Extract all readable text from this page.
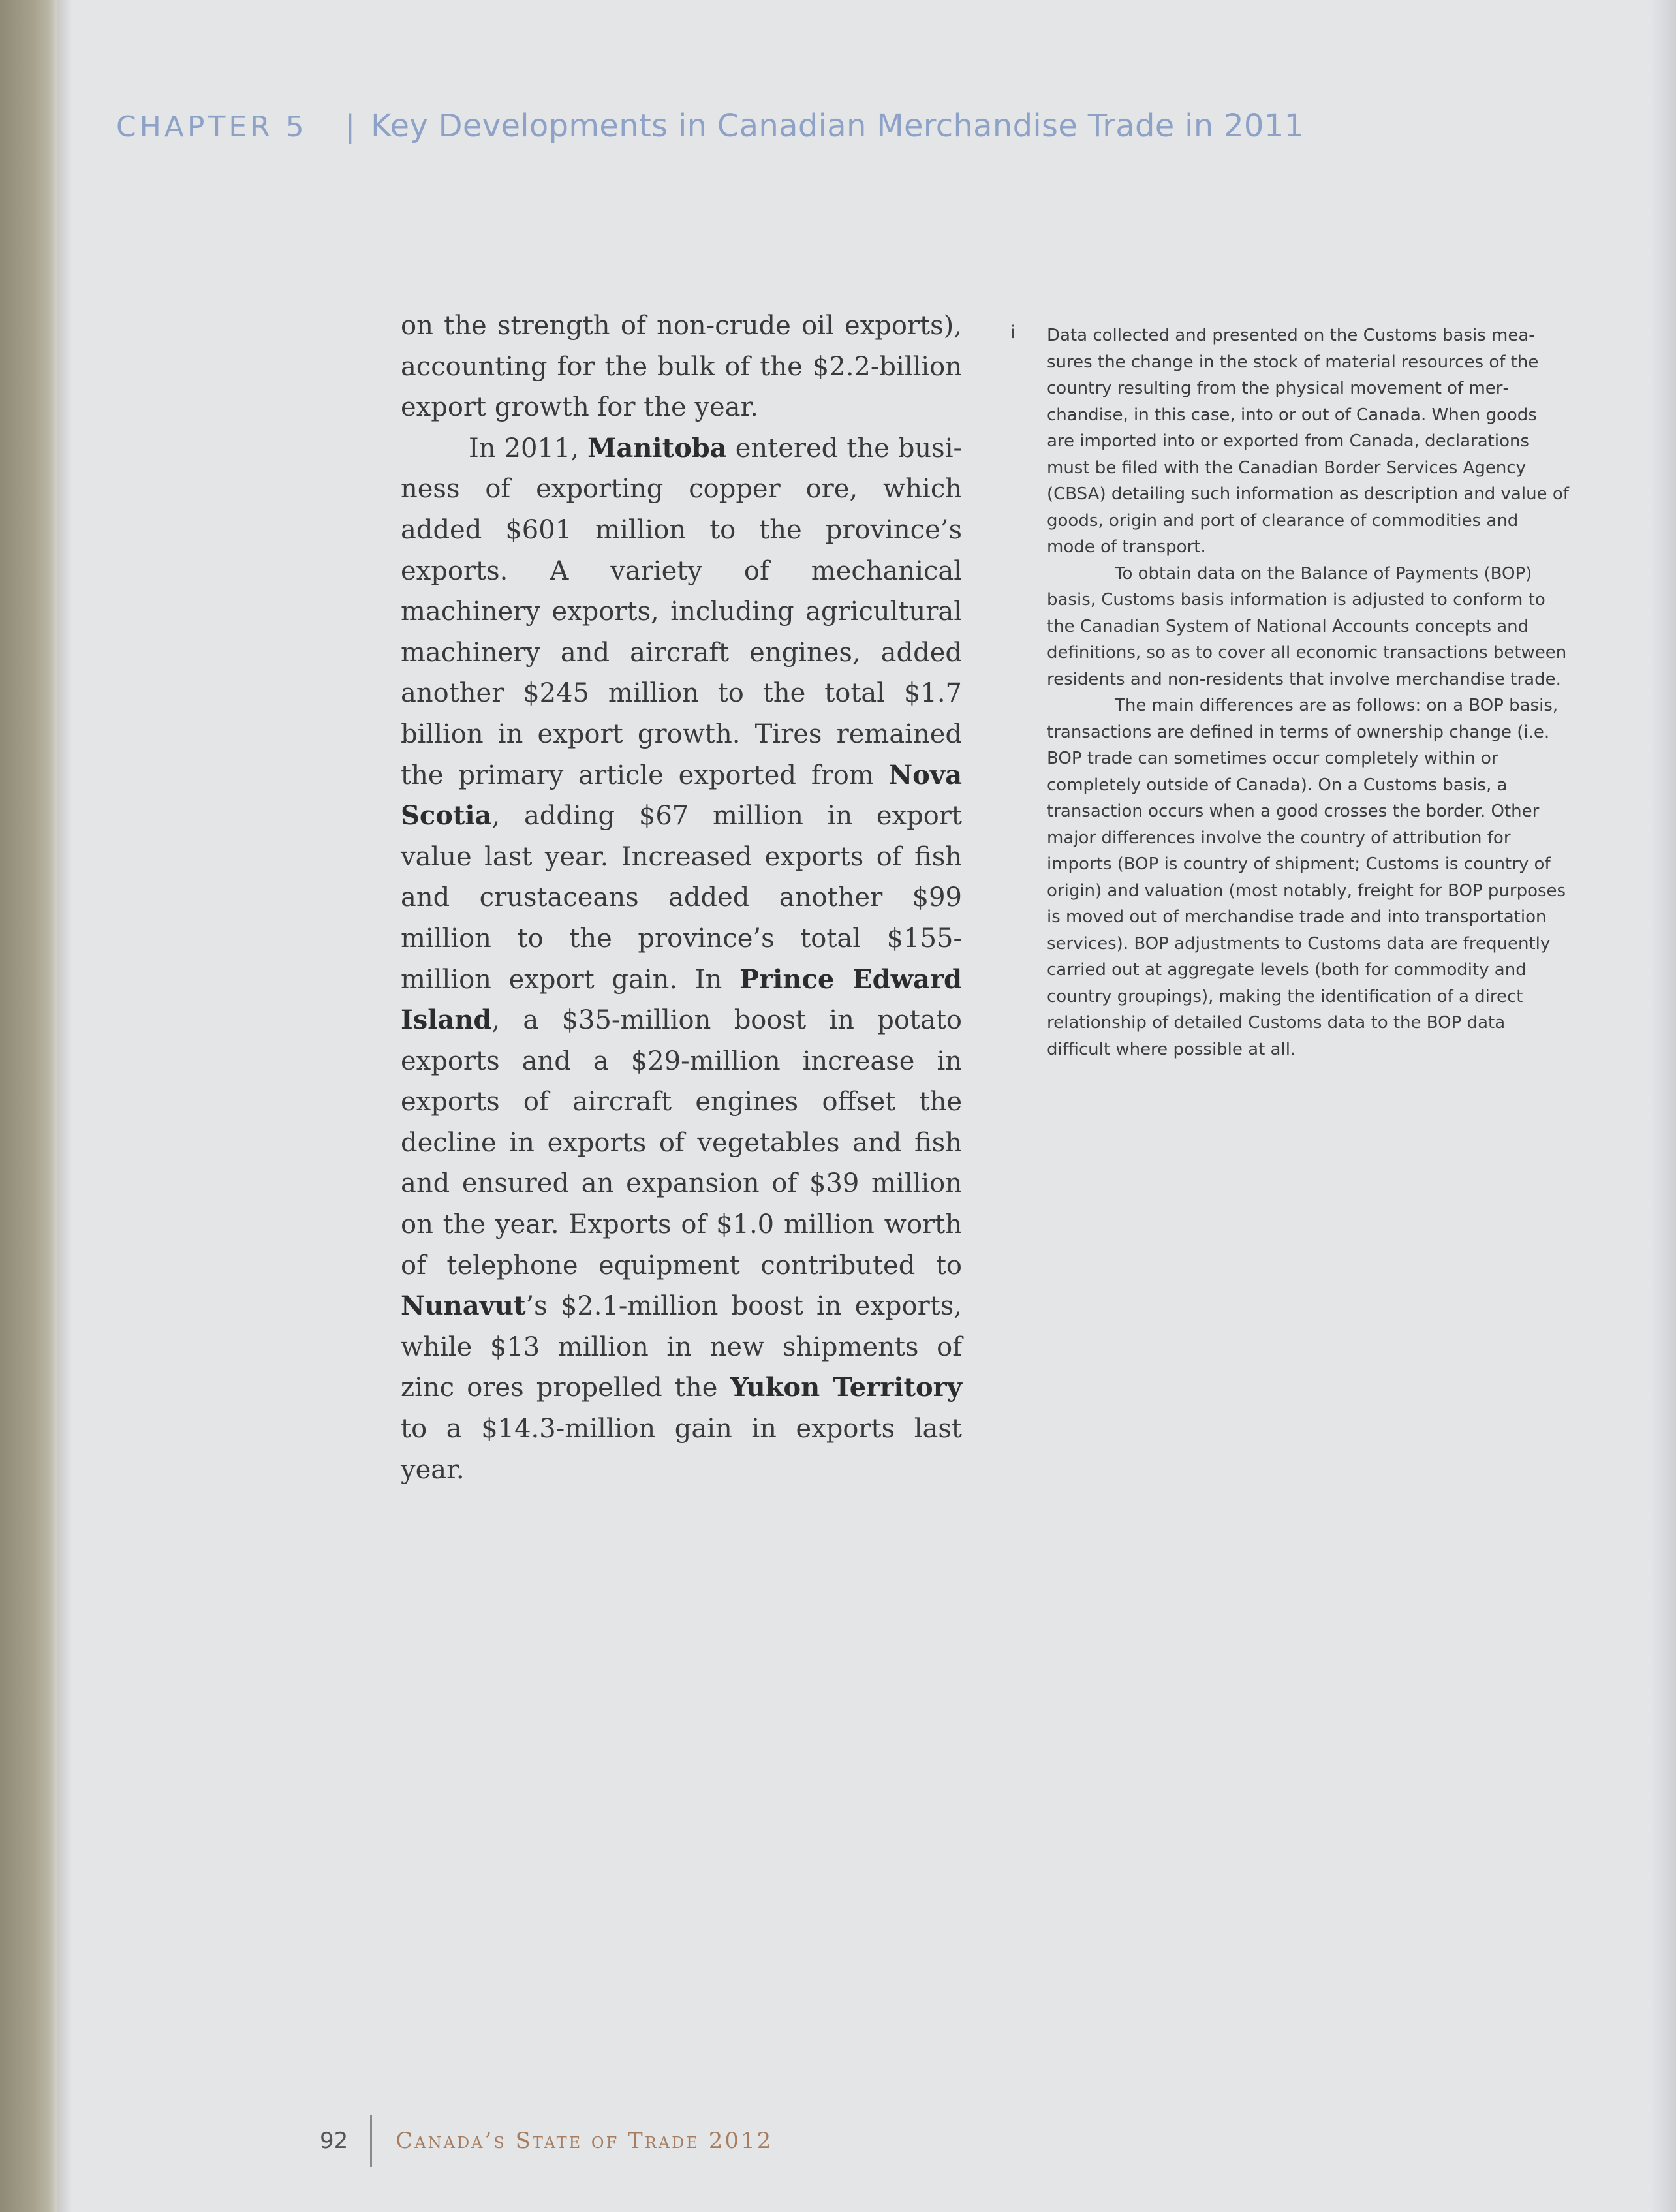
CHAPTER 5 | Key Developments in Canadian Merchandise Trade in 2011

on the strength of non-crude oil exports), accounting for the bulk of the $2.2-billion export growth for the year.

In 2011, Manitoba entered the business of exporting copper ore, which added $601 million to the province’s exports. A variety of mechanical machinery exports, including agricultural machinery and aircraft engines, added another $245 million to the total $1.7 billion in export growth. Tires remained the primary article exported from Nova Scotia, adding $67 million in export value last year. Increased exports of fish and crustaceans added another $99 million to the province’s total $155-million export gain. In Prince Edward Island, a $35-million boost in potato exports and a $29-million increase in exports of aircraft engines offset the decline in exports of vegetables and fish and ensured an expansion of $39 million on the year. Exports of $1.0 million worth of telephone equipment contributed to Nunavut’s $2.1-million boost in exports, while $13 million in new shipments of zinc ores propelled the Yukon Territory to a $14.3-million gain in exports last year.

i Data collected and presented on the Customs basis measures the change in the stock of material resources of the country resulting from the physical movement of merchandise, in this case, into or out of Canada. When goods are imported into or exported from Canada, declarations must be filed with the Canadian Border Services Agency (CBSA) detailing such information as description and value of goods, origin and port of clearance of commodities and mode of transport.

To obtain data on the Balance of Payments (BOP) basis, Customs basis information is adjusted to conform to the Canadian System of National Accounts concepts and definitions, so as to cover all economic transactions between residents and non-residents that involve merchandise trade.

The main differences are as follows: on a BOP basis, transactions are defined in terms of ownership change (i.e. BOP trade can sometimes occur completely within or completely outside of Canada). On a Customs basis, a transaction occurs when a good crosses the border. Other major differences involve the country of attribution for imports (BOP is country of shipment; Customs is country of origin) and valuation (most notably, freight for BOP purposes is moved out of merchandise trade and into transportation services). BOP adjustments to Customs data are frequently carried out at aggregate levels (both for commodity and country groupings), making the identification of a direct relationship of detailed Customs data to the BOP data difficult where possible at all.

92 Canada’s State of Trade 2012
